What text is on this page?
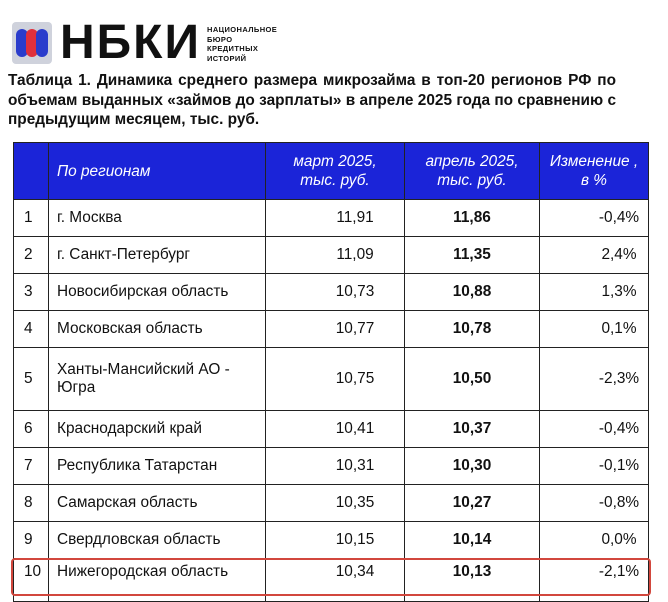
НБКИ НАЦИОНАЛЬНОЕ
БЮРО
КРЕДИТНЫХ
ИСТОРИЙ
Таблица 1. Динамика среднего размера микрозайма в топ-20 регионов РФ по объемам выданных «займов до зарплаты» в апреле 2025 года по сравнению с предыдущим месяцем, тыс. руб.
	По регионам	март 2025, тыс. руб.	апрель 2025, тыс. руб.	Изменение , в %
1	г. Москва	11,91	11,86	-0,4%
2	г. Санкт-Петербург	11,09	11,35	2,4%
3	Новосибирская область	10,73	10,88	1,3%
4	Московская область	10,77	10,78	0,1%
5	Ханты-Мансийский АО - Югра	10,75	10,50	-2,3%
6	Краснодарский край	10,41	10,37	-0,4%
7	Республика Татарстан	10,31	10,30	-0,1%
8	Самарская область	10,35	10,27	-0,8%
9	Свердловская область	10,15	10,14	0,0%
10	Нижегородская область	10,34	10,13	-2,1%
